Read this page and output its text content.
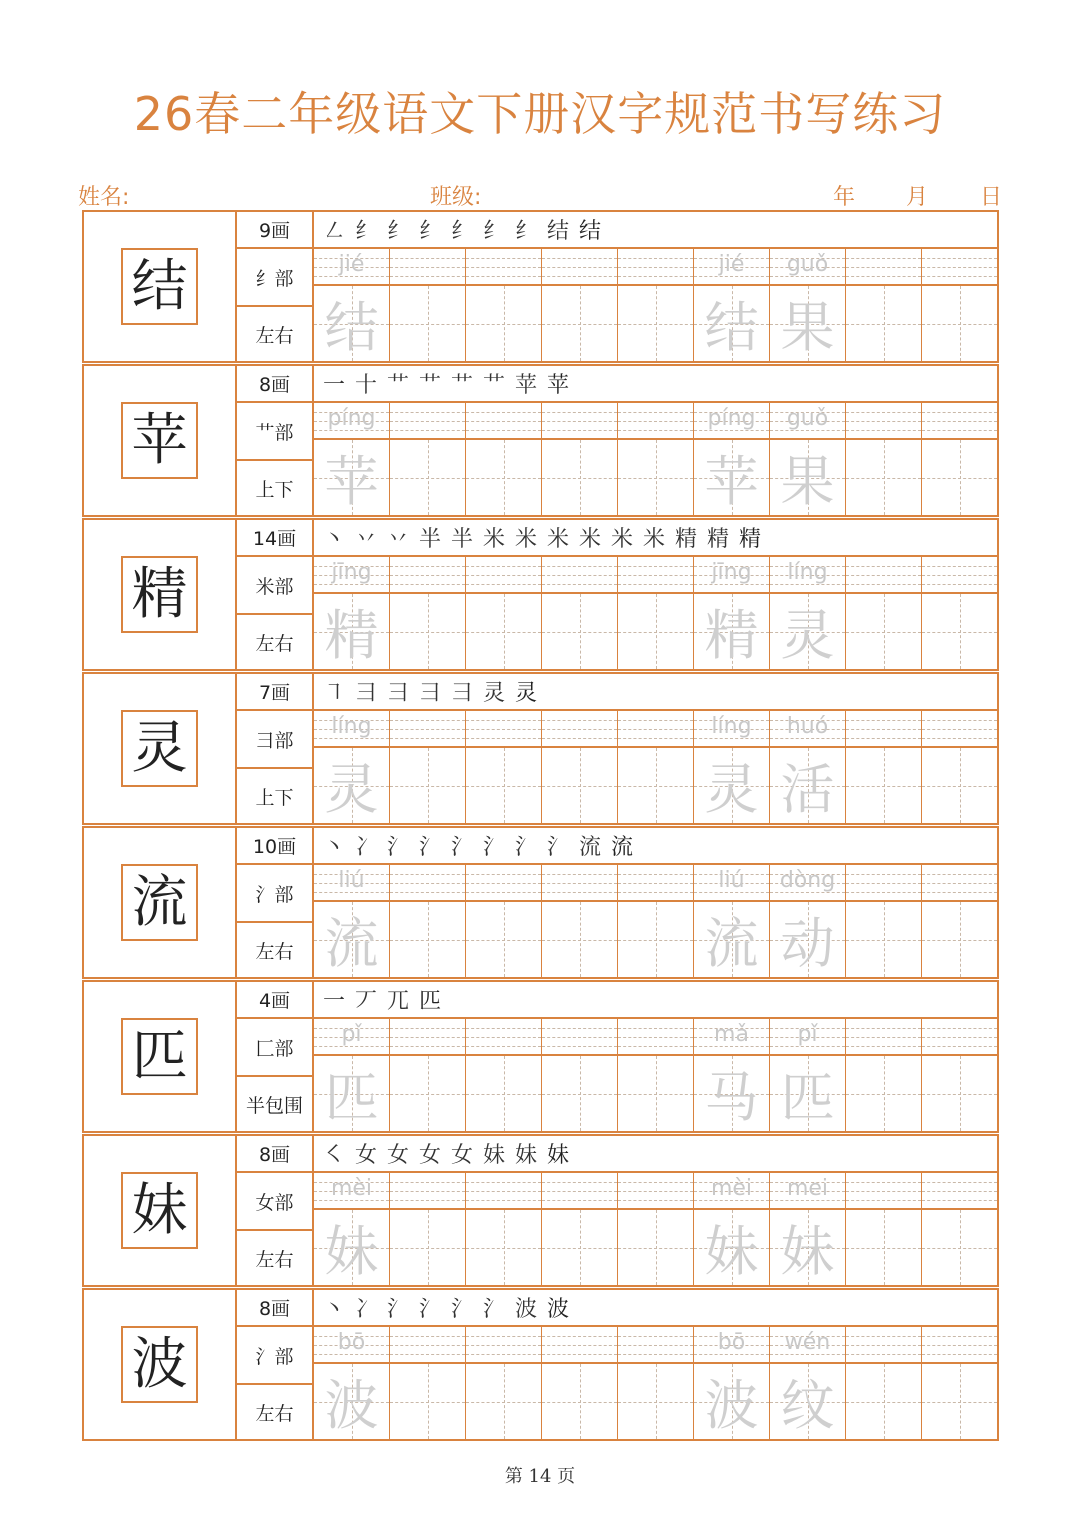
26春二年级语文下册汉字规范书写练习
姓名:	班级:	年 月 日
结
9画
纟部
左右
㇜ 纟 纟 纟 纟 纟 纟 结 结
jié
结
jié
结
guǒ
果
苹
8画
艹部
上下
一 十 艹 艹 艹 艹 苹 苹
píng
苹
píng
苹
guǒ
果
精
14画
米部
左右
丶 丷 丷 半 半 米 米 米 米 米 米 精 精 精
jīng
精
jīng
精
líng
灵
灵
7画
彐部
上下
㇕ 彐 彐 彐 彐 灵 灵
líng
灵
líng
灵
huó
活
流
10画
氵部
左右
丶 冫 氵 氵 氵 氵 氵 氵 流 流
liú
流
liú
流
dòng
动
匹
4画
匚部
半包围
一 丆 兀 匹
pǐ
匹
mǎ
马
pǐ
匹
妹
8画
女部
左右
㇛ 女 女 女 女 妹 妹 妹
mèi
妹
mèi
妹
mei
妹
波
8画
氵部
左右
丶 冫 氵 氵 氵 氵 波 波
bō
波
bō
波
wén
纹
第 14 页
